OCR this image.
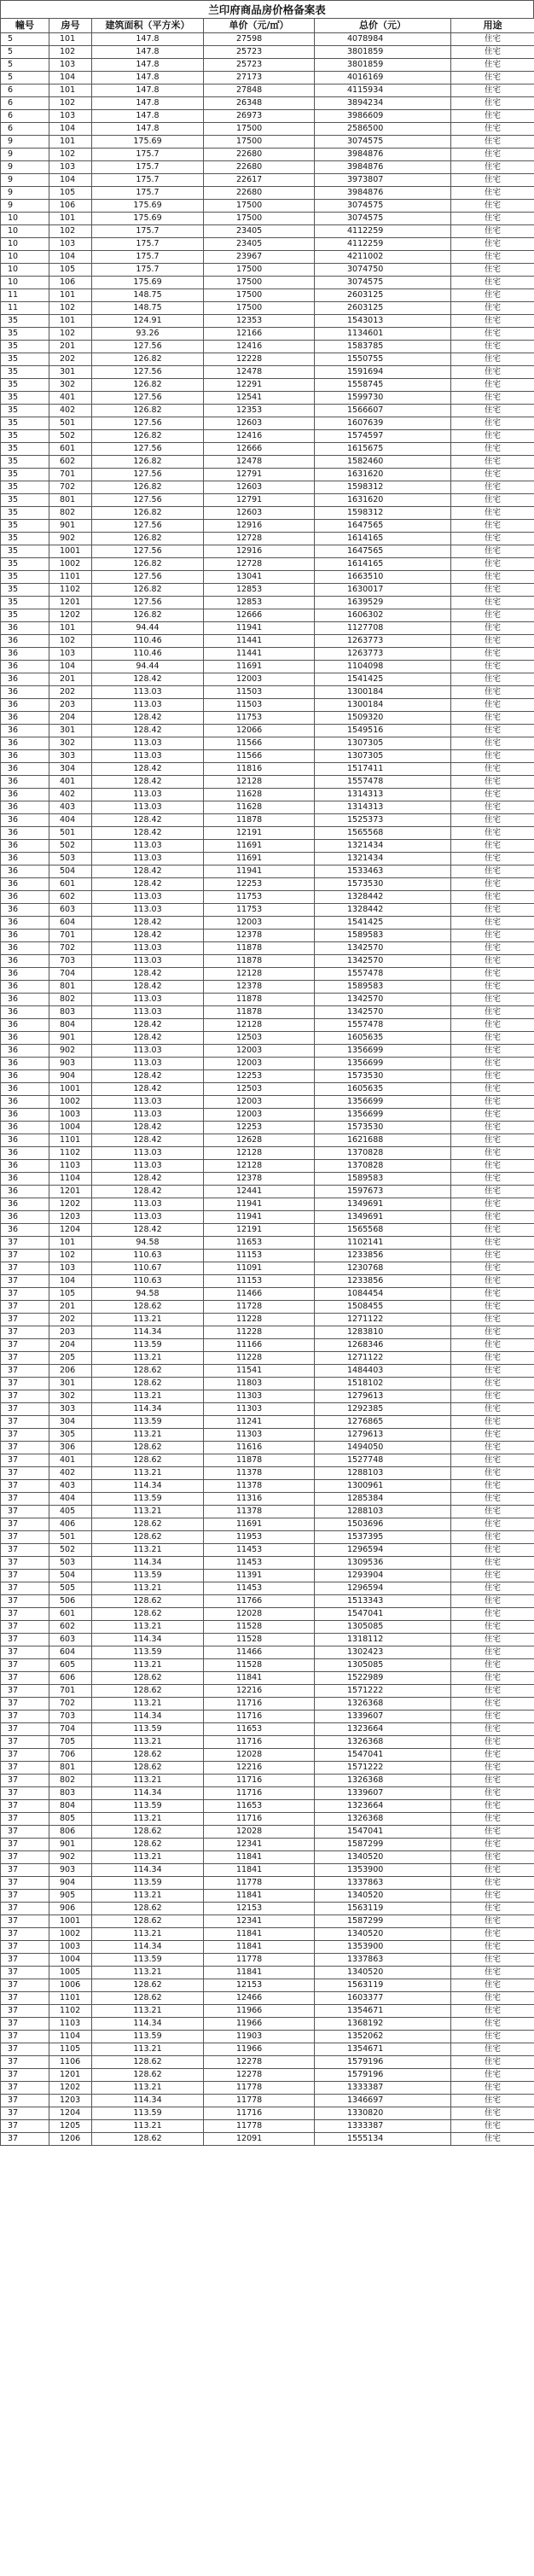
兰印府商品房价格备案表
幢号	房号	建筑面积（平方米）	单价（元/㎡）	总价（元）	用途
5	101	147.8	27598	4078984	住宅
5	102	147.8	25723	3801859	住宅
5	103	147.8	25723	3801859	住宅
5	104	147.8	27173	4016169	住宅
6	101	147.8	27848	4115934	住宅
6	102	147.8	26348	3894234	住宅
6	103	147.8	26973	3986609	住宅
6	104	147.8	17500	2586500	住宅
9	101	175.69	17500	3074575	住宅
9	102	175.7	22680	3984876	住宅
9	103	175.7	22680	3984876	住宅
9	104	175.7	22617	3973807	住宅
9	105	175.7	22680	3984876	住宅
9	106	175.69	17500	3074575	住宅
10	101	175.69	17500	3074575	住宅
10	102	175.7	23405	4112259	住宅
10	103	175.7	23405	4112259	住宅
10	104	175.7	23967	4211002	住宅
10	105	175.7	17500	3074750	住宅
10	106	175.69	17500	3074575	住宅
11	101	148.75	17500	2603125	住宅
11	102	148.75	17500	2603125	住宅
35	101	124.91	12353	1543013	住宅
35	102	93.26	12166	1134601	住宅
35	201	127.56	12416	1583785	住宅
35	202	126.82	12228	1550755	住宅
35	301	127.56	12478	1591694	住宅
35	302	126.82	12291	1558745	住宅
35	401	127.56	12541	1599730	住宅
35	402	126.82	12353	1566607	住宅
35	501	127.56	12603	1607639	住宅
35	502	126.82	12416	1574597	住宅
35	601	127.56	12666	1615675	住宅
35	602	126.82	12478	1582460	住宅
35	701	127.56	12791	1631620	住宅
35	702	126.82	12603	1598312	住宅
35	801	127.56	12791	1631620	住宅
35	802	126.82	12603	1598312	住宅
35	901	127.56	12916	1647565	住宅
35	902	126.82	12728	1614165	住宅
35	1001	127.56	12916	1647565	住宅
35	1002	126.82	12728	1614165	住宅
35	1101	127.56	13041	1663510	住宅
35	1102	126.82	12853	1630017	住宅
35	1201	127.56	12853	1639529	住宅
35	1202	126.82	12666	1606302	住宅
36	101	94.44	11941	1127708	住宅
36	102	110.46	11441	1263773	住宅
36	103	110.46	11441	1263773	住宅
36	104	94.44	11691	1104098	住宅
36	201	128.42	12003	1541425	住宅
36	202	113.03	11503	1300184	住宅
36	203	113.03	11503	1300184	住宅
36	204	128.42	11753	1509320	住宅
36	301	128.42	12066	1549516	住宅
36	302	113.03	11566	1307305	住宅
36	303	113.03	11566	1307305	住宅
36	304	128.42	11816	1517411	住宅
36	401	128.42	12128	1557478	住宅
36	402	113.03	11628	1314313	住宅
36	403	113.03	11628	1314313	住宅
36	404	128.42	11878	1525373	住宅
36	501	128.42	12191	1565568	住宅
36	502	113.03	11691	1321434	住宅
36	503	113.03	11691	1321434	住宅
36	504	128.42	11941	1533463	住宅
36	601	128.42	12253	1573530	住宅
36	602	113.03	11753	1328442	住宅
36	603	113.03	11753	1328442	住宅
36	604	128.42	12003	1541425	住宅
36	701	128.42	12378	1589583	住宅
36	702	113.03	11878	1342570	住宅
36	703	113.03	11878	1342570	住宅
36	704	128.42	12128	1557478	住宅
36	801	128.42	12378	1589583	住宅
36	802	113.03	11878	1342570	住宅
36	803	113.03	11878	1342570	住宅
36	804	128.42	12128	1557478	住宅
36	901	128.42	12503	1605635	住宅
36	902	113.03	12003	1356699	住宅
36	903	113.03	12003	1356699	住宅
36	904	128.42	12253	1573530	住宅
36	1001	128.42	12503	1605635	住宅
36	1002	113.03	12003	1356699	住宅
36	1003	113.03	12003	1356699	住宅
36	1004	128.42	12253	1573530	住宅
36	1101	128.42	12628	1621688	住宅
36	1102	113.03	12128	1370828	住宅
36	1103	113.03	12128	1370828	住宅
36	1104	128.42	12378	1589583	住宅
36	1201	128.42	12441	1597673	住宅
36	1202	113.03	11941	1349691	住宅
36	1203	113.03	11941	1349691	住宅
36	1204	128.42	12191	1565568	住宅
37	101	94.58	11653	1102141	住宅
37	102	110.63	11153	1233856	住宅
37	103	110.67	11091	1230768	住宅
37	104	110.63	11153	1233856	住宅
37	105	94.58	11466	1084454	住宅
37	201	128.62	11728	1508455	住宅
37	202	113.21	11228	1271122	住宅
37	203	114.34	11228	1283810	住宅
37	204	113.59	11166	1268346	住宅
37	205	113.21	11228	1271122	住宅
37	206	128.62	11541	1484403	住宅
37	301	128.62	11803	1518102	住宅
37	302	113.21	11303	1279613	住宅
37	303	114.34	11303	1292385	住宅
37	304	113.59	11241	1276865	住宅
37	305	113.21	11303	1279613	住宅
37	306	128.62	11616	1494050	住宅
37	401	128.62	11878	1527748	住宅
37	402	113.21	11378	1288103	住宅
37	403	114.34	11378	1300961	住宅
37	404	113.59	11316	1285384	住宅
37	405	113.21	11378	1288103	住宅
37	406	128.62	11691	1503696	住宅
37	501	128.62	11953	1537395	住宅
37	502	113.21	11453	1296594	住宅
37	503	114.34	11453	1309536	住宅
37	504	113.59	11391	1293904	住宅
37	505	113.21	11453	1296594	住宅
37	506	128.62	11766	1513343	住宅
37	601	128.62	12028	1547041	住宅
37	602	113.21	11528	1305085	住宅
37	603	114.34	11528	1318112	住宅
37	604	113.59	11466	1302423	住宅
37	605	113.21	11528	1305085	住宅
37	606	128.62	11841	1522989	住宅
37	701	128.62	12216	1571222	住宅
37	702	113.21	11716	1326368	住宅
37	703	114.34	11716	1339607	住宅
37	704	113.59	11653	1323664	住宅
37	705	113.21	11716	1326368	住宅
37	706	128.62	12028	1547041	住宅
37	801	128.62	12216	1571222	住宅
37	802	113.21	11716	1326368	住宅
37	803	114.34	11716	1339607	住宅
37	804	113.59	11653	1323664	住宅
37	805	113.21	11716	1326368	住宅
37	806	128.62	12028	1547041	住宅
37	901	128.62	12341	1587299	住宅
37	902	113.21	11841	1340520	住宅
37	903	114.34	11841	1353900	住宅
37	904	113.59	11778	1337863	住宅
37	905	113.21	11841	1340520	住宅
37	906	128.62	12153	1563119	住宅
37	1001	128.62	12341	1587299	住宅
37	1002	113.21	11841	1340520	住宅
37	1003	114.34	11841	1353900	住宅
37	1004	113.59	11778	1337863	住宅
37	1005	113.21	11841	1340520	住宅
37	1006	128.62	12153	1563119	住宅
37	1101	128.62	12466	1603377	住宅
37	1102	113.21	11966	1354671	住宅
37	1103	114.34	11966	1368192	住宅
37	1104	113.59	11903	1352062	住宅
37	1105	113.21	11966	1354671	住宅
37	1106	128.62	12278	1579196	住宅
37	1201	128.62	12278	1579196	住宅
37	1202	113.21	11778	1333387	住宅
37	1203	114.34	11778	1346697	住宅
37	1204	113.59	11716	1330820	住宅
37	1205	113.21	11778	1333387	住宅
37	1206	128.62	12091	1555134	住宅
